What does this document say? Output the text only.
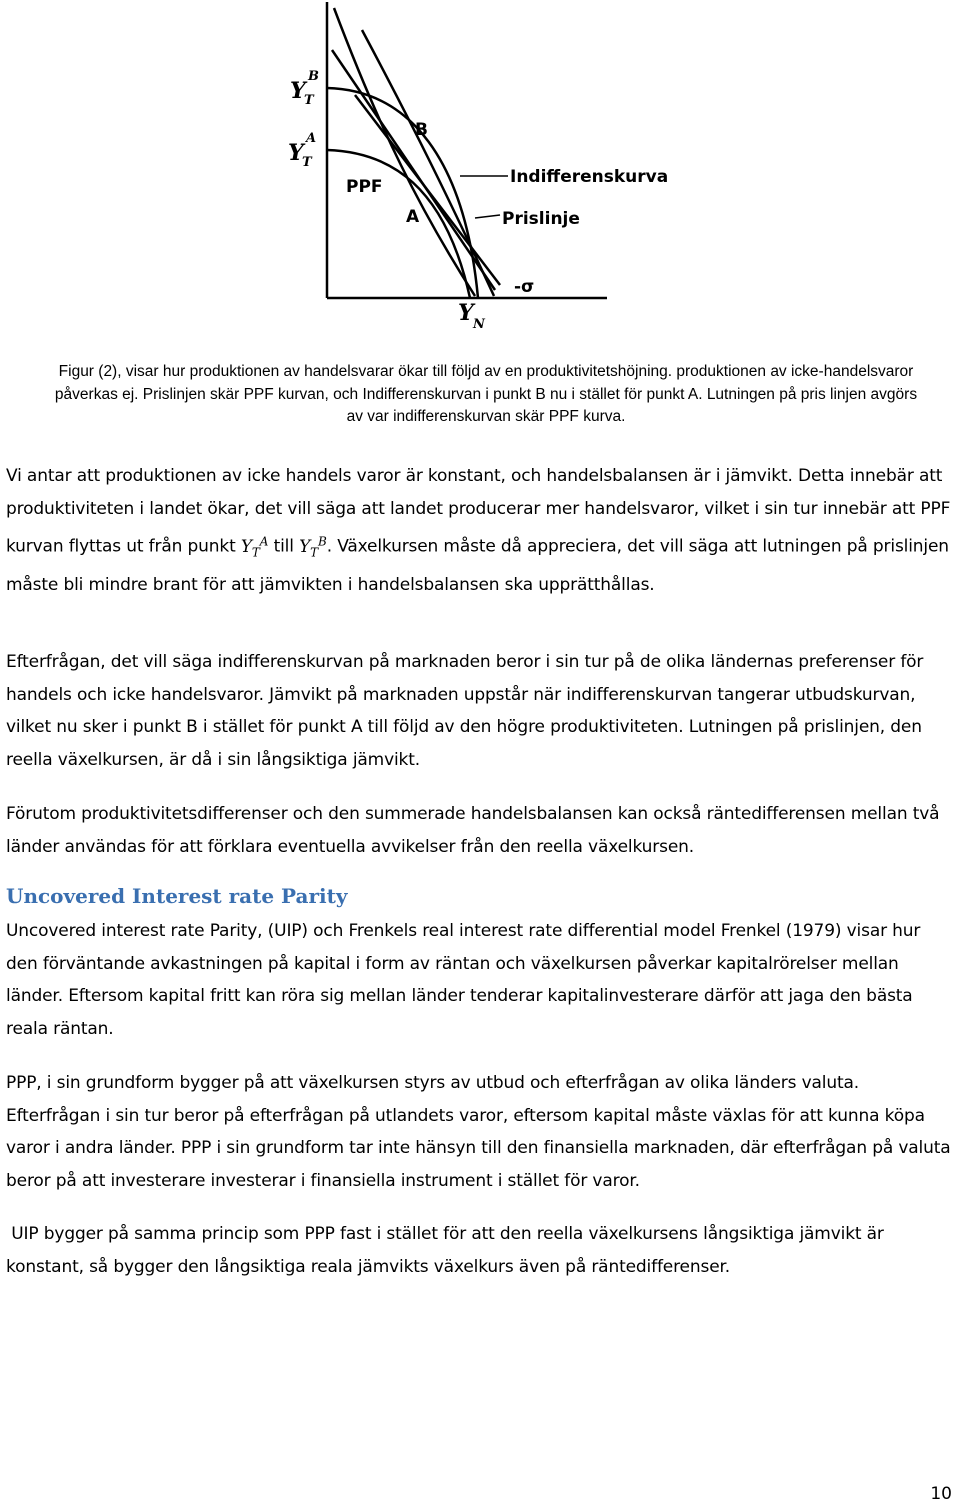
Y
T
B
Y
T
A
Y N
B
A
PPF	Indifferenskurva
Prislinje
-σ

Figur (2), visar hur produktionen av handelsvarar ökar till följd av en produktivitetshöjning. produktionen av icke-handelsvaror påverkas ej. Prislinjen skär PPF kurvan, och Indifferenskurvan i punkt B nu i stället för punkt A. Lutningen på pris linjen avgörs av var indifferenskurvan skär PPF kurva.

Vi antar att produktionen av icke handels varor är konstant, och handelsbalansen är i jämvikt. Detta innebär att produktiviteten i landet ökar, det vill säga att landet producerar mer handelsvaror, vilket i sin tur innebär att PPF kurvan flyttas ut från punkt $Y_T^A$ till $Y_T^B$. Växelkursen måste då appreciera, det vill säga att lutningen på prislinjen måste bli mindre brant för att jämvikten i handelsbalansen ska upprätthållas.

Efterfrågan, det vill säga indifferenskurvan på marknaden beror i sin tur på de olika ländernas preferenser för handels och icke handelsvaror. Jämvikt på marknaden uppstår när indifferenskurvan tangerar utbudskurvan, vilket nu sker i punkt B i stället för punkt A till följd av den högre produktiviteten. Lutningen på prislinjen, den reella växelkursen, är då i sin långsiktiga jämvikt.

Förutom produktivitetsdifferenser och den summerade handelsbalansen kan också räntedifferensen mellan två länder användas för att förklara eventuella avvikelser från den reella växelkursen.

Uncovered Interest rate Parity

Uncovered interest rate Parity, (UIP) och Frenkels real interest rate differential model Frenkel (1979) visar hur den förväntande avkastningen på kapital i form av räntan och växelkursen påverkar kapitalrörelser mellan länder. Eftersom kapital fritt kan röra sig mellan länder tenderar kapitalinvesterare därför att jaga den bästa reala räntan.

PPP, i sin grundform bygger på att växelkursen styrs av utbud och efterfrågan av olika länders valuta. Efterfrågan i sin tur beror på efterfrågan på utlandets varor, eftersom kapital måste växlas för att kunna köpa varor i andra länder. PPP i sin grundform tar inte hänsyn till den finansiella marknaden, där efterfrågan på valuta beror på att investerare investerar i finansiella instrument i stället för varor.

UIP bygger på samma princip som PPP fast i stället för att den reella växelkursens långsiktiga jämvikt är konstant, så bygger den långsiktiga reala jämvikts växelkurs även på räntedifferenser.

10
